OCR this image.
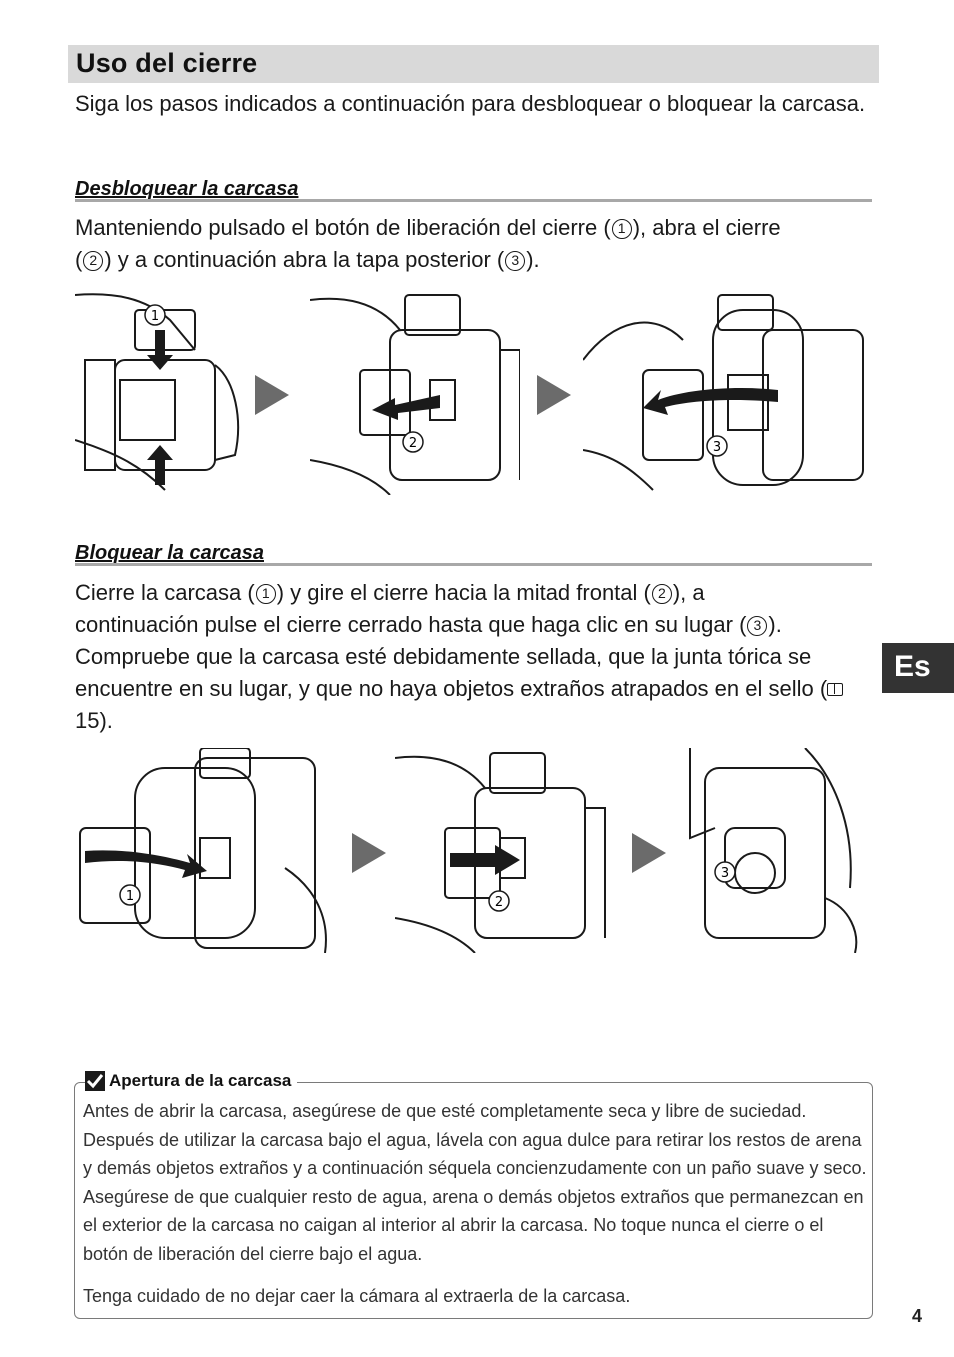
Uso del cierre

Siga los pasos indicados a continuación para desbloquear o bloquear la carcasa.

Desbloquear la carcasa

Manteniendo pulsado el botón de liberación del cierre ( 1 ), abra el cierre
( 2 ) y a continuación abra la tapa posterior ( 3 ).

1
2	3
Bloquear la carcasa

Cierre la carcasa ( 1 ) y gire el cierre hacia la mitad frontal ( 2 ), a
continuación pulse el cierre cerrado hasta que haga clic en su lugar ( 3 ).
Compruebe que la carcasa esté debidamente sellada, que la junta tórica se encuentre en su lugar, y que no haya objetos extraños atrapados en el sello (
15).

1	2
3
Es
Apertura de la carcasa

Antes de abrir la carcasa, asegúrese de que esté completamente seca y libre de suciedad. Después de utilizar la carcasa bajo el agua, lávela con agua dulce para retirar los restos de arena y demás objetos extraños y a continuación séquela concienzudamente con un paño suave y seco. Asegúrese de que cualquier resto de agua, arena o demás objetos extraños que permanezcan en el exterior de la carcasa no caigan al interior al abrir la carcasa. No toque nunca el cierre o el botón de liberación del cierre bajo el agua.

Tenga cuidado de no dejar caer la cámara al extraerla de la carcasa.

4
